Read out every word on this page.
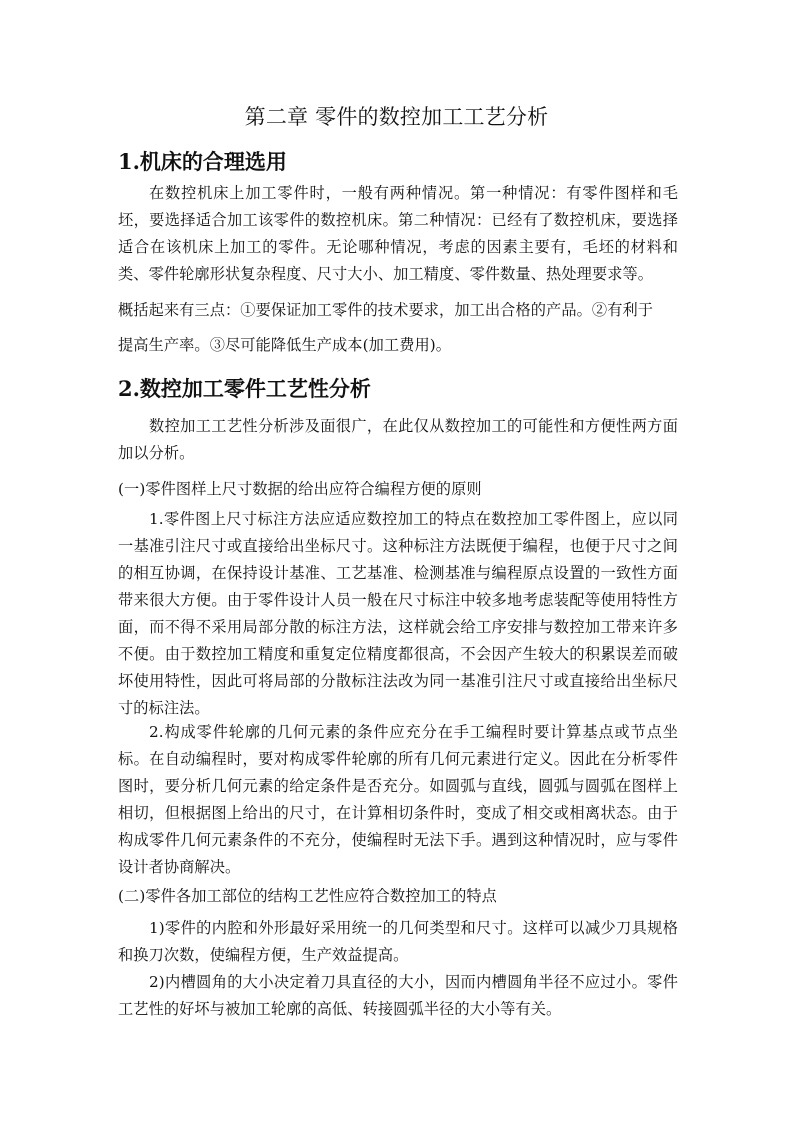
第二章 零件的数控加工工艺分析
1.机床的合理选用
在数控机床上加工零件时，一般有两种情况。第一种情况：有零件图样和毛坯，要选择适合加工该零件的数控机床。第二种情况：已经有了数控机床，要选择适合在该机床上加工的零件。无论哪种情况，考虑的因素主要有，毛坯的材料和类、零件轮廓形状复杂程度、尺寸大小、加工精度、零件数量、热处理要求等。
概括起来有三点：①要保证加工零件的技术要求，加工出合格的产品。②有利于
提高生产率。③尽可能降低生产成本(加工费用)。
2.数控加工零件工艺性分析
数控加工工艺性分析涉及面很广，在此仅从数控加工的可能性和方便性两方面加以分析。
(一)零件图样上尺寸数据的给出应符合编程方便的原则
1.零件图上尺寸标注方法应适应数控加工的特点在数控加工零件图上，应以同一基准引注尺寸或直接给出坐标尺寸。这种标注方法既便于编程，也便于尺寸之间的相互协调，在保持设计基准、工艺基准、检测基准与编程原点设置的一致性方面带来很大方便。由于零件设计人员一般在尺寸标注中较多地考虑装配等使用特性方面，而不得不采用局部分散的标注方法，这样就会给工序安排与数控加工带来许多不便。由于数控加工精度和重复定位精度都很高，不会因产生较大的积累误差而破坏使用特性，因此可将局部的分散标注法改为同一基准引注尺寸或直接给出坐标尺寸的标注法。
2.构成零件轮廓的几何元素的条件应充分在手工编程时要计算基点或节点坐标。在自动编程时，要对构成零件轮廓的所有几何元素进行定义。因此在分析零件图时，要分析几何元素的给定条件是否充分。如圆弧与直线，圆弧与圆弧在图样上相切，但根据图上给出的尺寸，在计算相切条件时，变成了相交或相离状态。由于构成零件几何元素条件的不充分，使编程时无法下手。遇到这种情况时，应与零件设计者协商解决。
(二)零件各加工部位的结构工艺性应符合数控加工的特点
1)零件的内腔和外形最好采用统一的几何类型和尺寸。这样可以减少刀具规格和换刀次数，使编程方便，生产效益提高。
2)内槽圆角的大小决定着刀具直径的大小，因而内槽圆角半径不应过小。零件工艺性的好坏与被加工轮廓的高低、转接圆弧半径的大小等有关。
